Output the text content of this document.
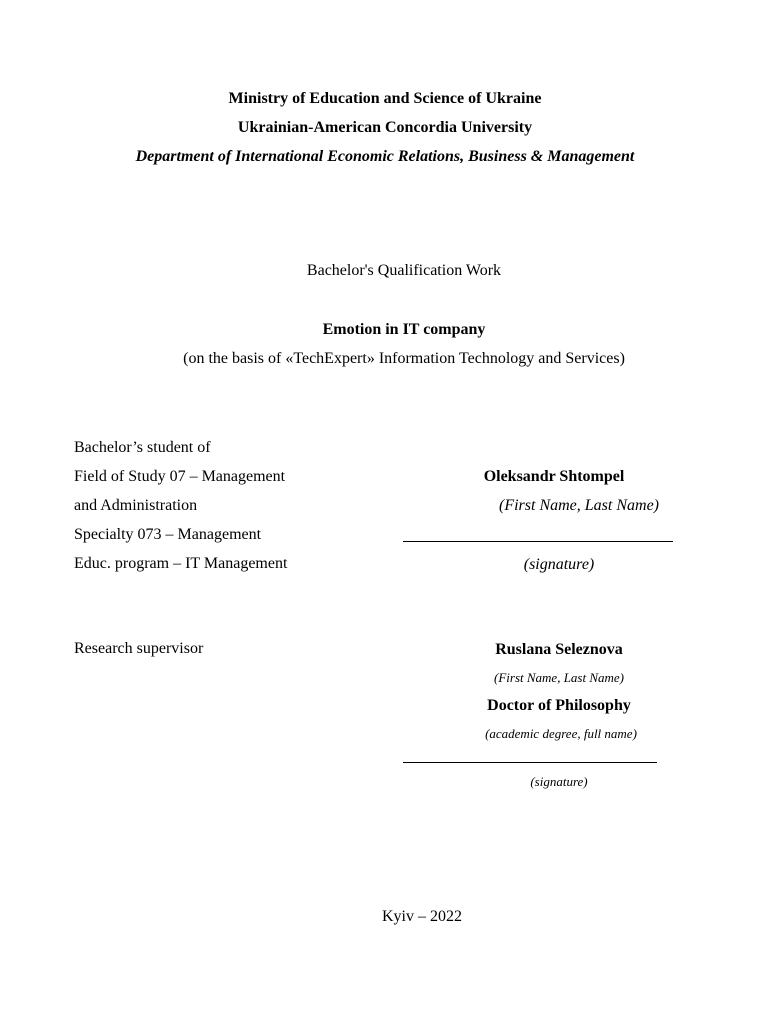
Ministry of Education and Science of Ukraine
Ukrainian-American Concordia University
Department of International Economic Relations, Business & Management
Bachelor's Qualification Work
Emotion in IT company
(on the basis of «TechExpert» Information Technology and Services)
Bachelor’s student of
Field of Study 07 – Management
and Administration
Specialty 073 – Management
Educ. program – IT Management
Oleksandr Shtompel
(First Name, Last Name)
(signature)
Research supervisor	Ruslana Seleznova
(First Name, Last Name)
Doctor of Philosophy
(academic degree, full name)
(signature)
Kyiv – 2022
